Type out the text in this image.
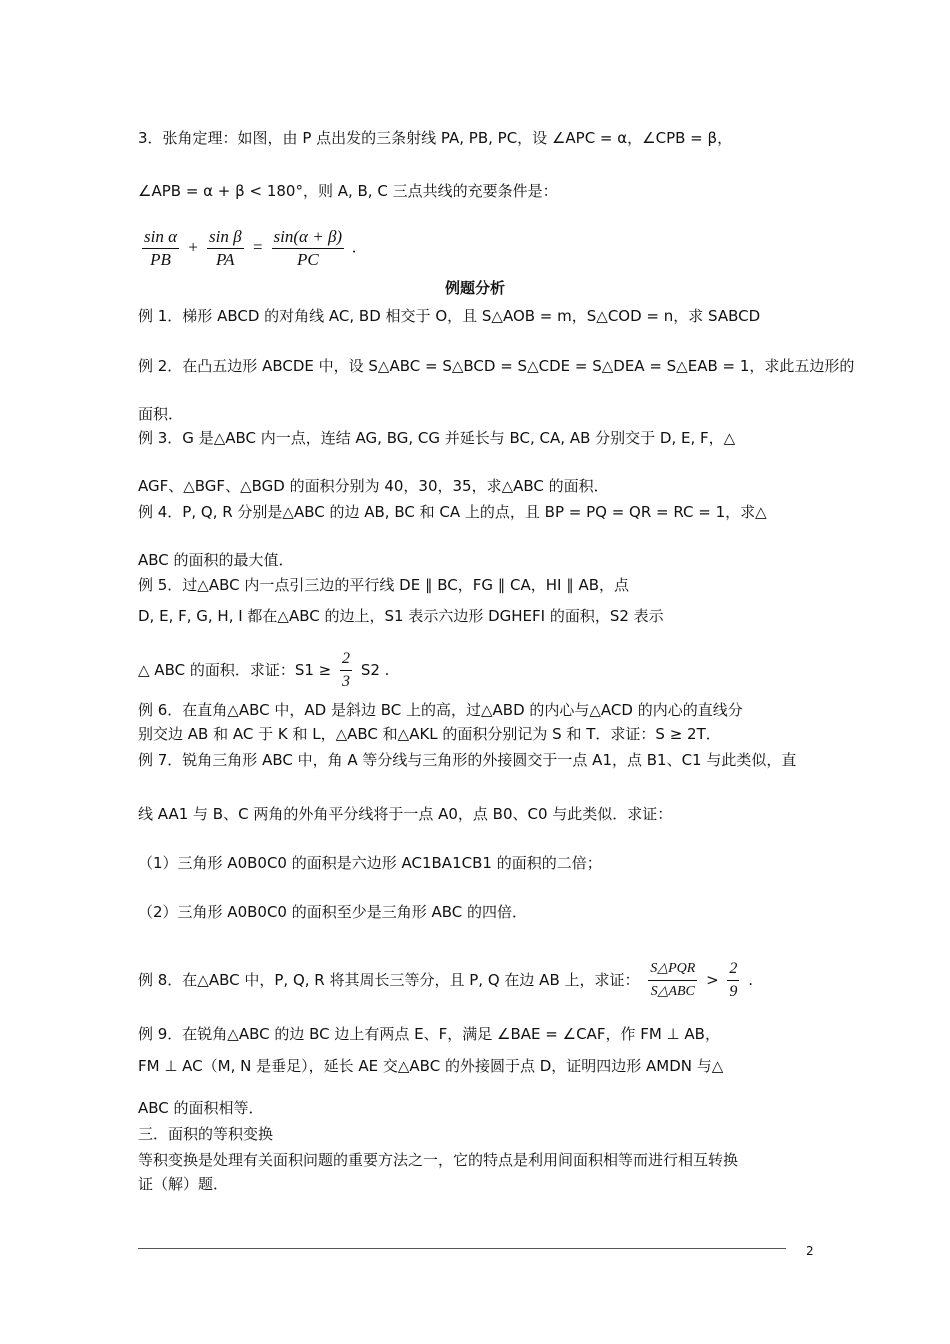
3．张角定理：如图，由 P 点出发的三条射线 PA, PB, PC，设 ∠APC = α，∠CPB = β，
∠APB = α + β < 180°，则 A, B, C 三点共线的充要条件是：
$\frac{\text{sin α}}{PB} + \frac{\text{sin β}}{PA} = \frac{\sin(\alpha + \beta)}{PC}$ .
例题分析
例 1．梯形 ABCD 的对角线 AC, BD 相交于 O，且 S△AOB = m，S△COD = n，求 SABCD
例 2．在凸五边形 ABCDE 中，设 S△ABC = S△BCD = S△CDE = S△DEA = S△EAB = 1，求此五边形的
面积．
例 3．G 是△ABC 内一点，连结 AG, BG, CG 并延长与 BC, CA, AB 分别交于 D, E, F，△
AGF、△BGF、△BGD 的面积分别为 40，30，35，求△ABC 的面积．
例 4．P, Q, R 分别是△ABC 的边 AB, BC 和 CA 上的点，且 BP = PQ = QR = RC = 1，求△
ABC 的面积的最大值．
例 5．过△ABC 内一点引三边的平行线 DE ∥ BC，FG ∥ CA，HI ∥ AB，点
D, E, F, G, H, I 都在△ABC 的边上，S1 表示六边形 DGHEFI 的面积，S2 表示
△ ABC 的面积．求证：$S1 \ge \frac{2}{3} S2$ .
例 6．在直角△ABC 中，AD 是斜边 BC 上的高，过△ABD 的内心与△ACD 的内心的直线分
别交边 AB 和 AC 于 K 和 L，△ABC 和△AKL 的面积分别记为 S 和 T．求证：S ≥ 2T．
例 7．锐角三角形 ABC 中，角 A 等分线与三角形的外接圆交于一点 A1，点 B1、C1 与此类似，直
线 AA1 与 B、C 两角的外角平分线将于一点 A0，点 B0、C0 与此类似．求证：
（1）三角形 A0B0C0 的面积是六边形 AC1BA1CB1 的面积的二倍；
（2）三角形 A0B0C0 的面积至少是三角形 ABC 的四倍．
例 8．在△ABC 中，P, Q, R 将其周长三等分，且 P, Q 在边 AB 上，求证： $\frac{\text{S△PQR}}{\text{S△ABC}} > \frac{2}{9}$ .
例 9．在锐角△ABC 的边 BC 边上有两点 E、F，满足 ∠BAE = ∠CAF，作 FM ⊥ AB，
FM ⊥ AC（M, N 是垂足），延长 AE 交△ABC 的外接圆于点 D，证明四边形 AMDN 与△
ABC 的面积相等．
三．面积的等积变换
等积变换是处理有关面积问题的重要方法之一，它的特点是利用间面积相等而进行相互转换
证（解）题．
2
